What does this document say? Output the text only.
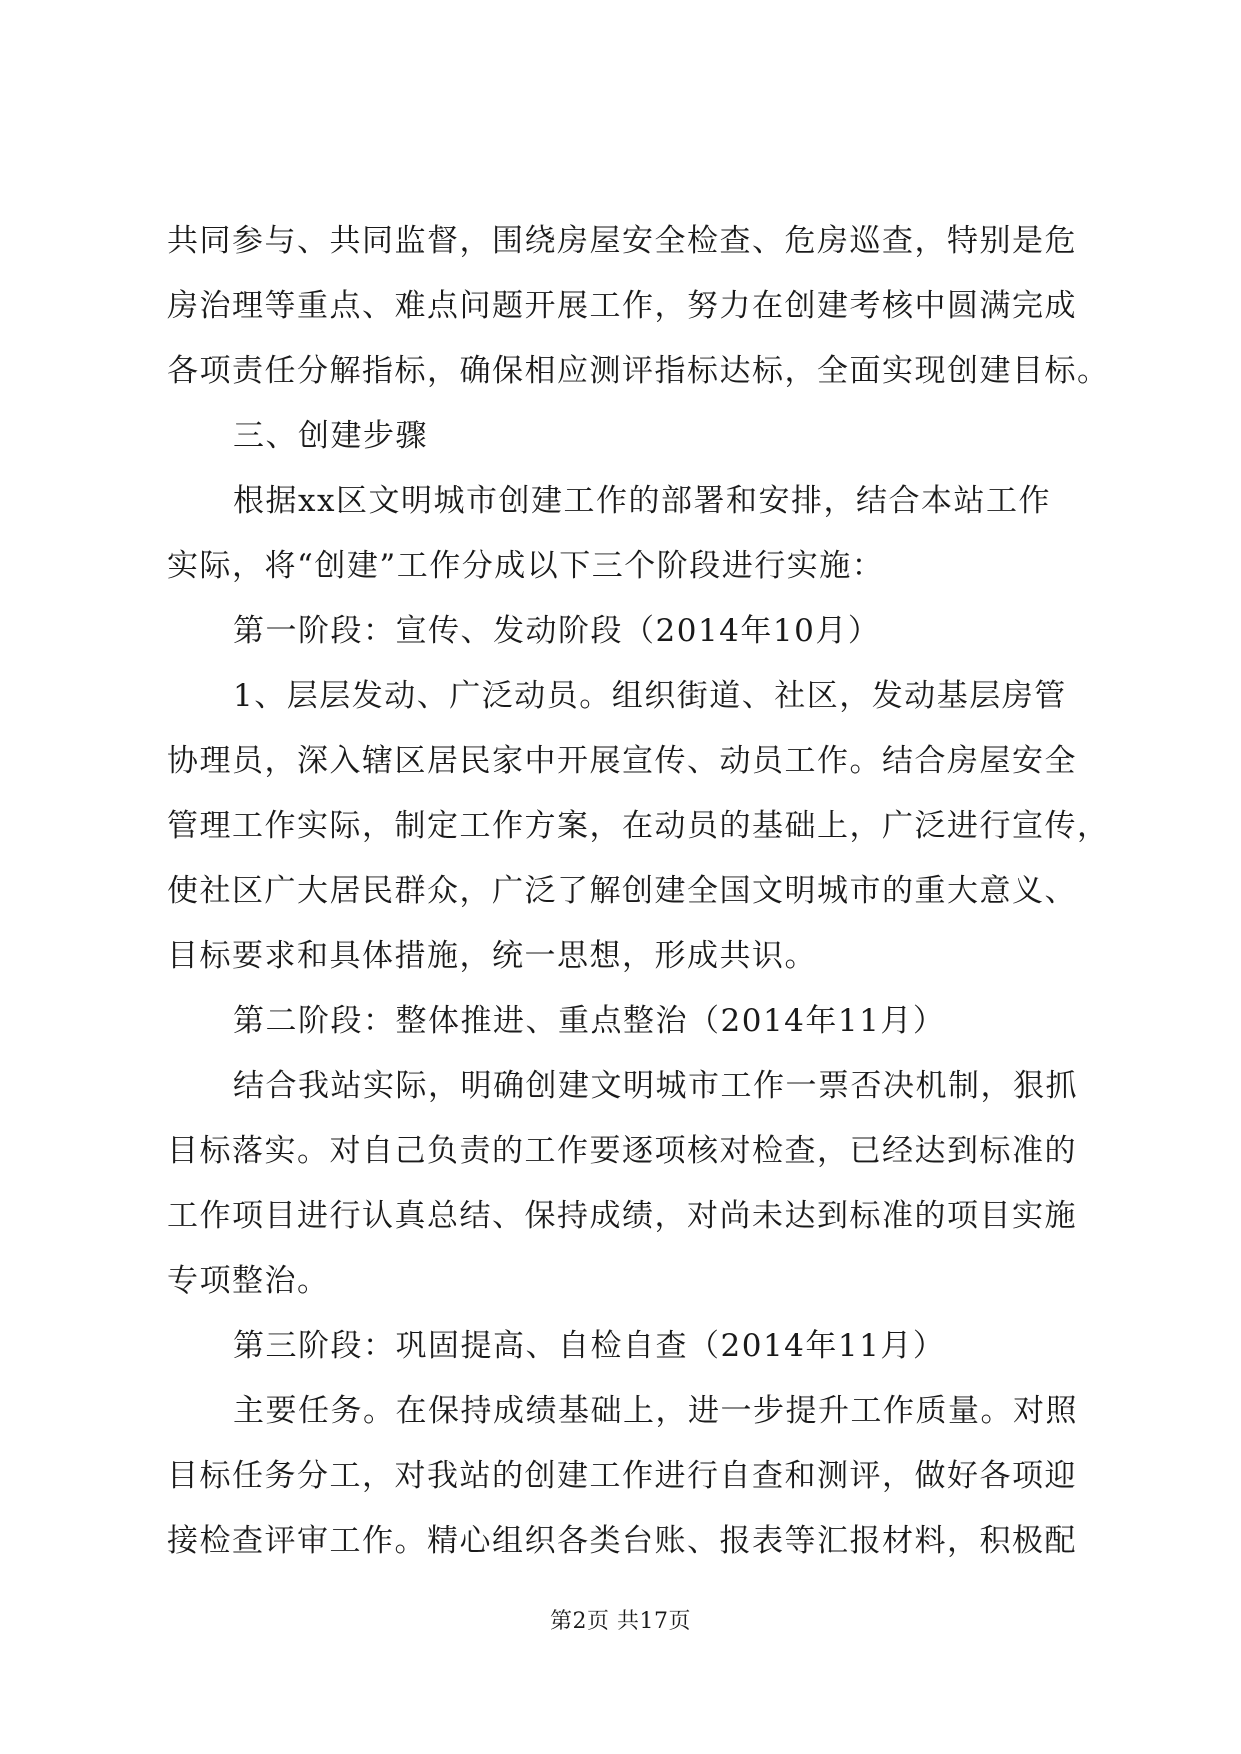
共同参与、共同监督，围绕房屋安全检查、危房巡查，特别是危
房治理等重点、难点问题开展工作，努力在创建考核中圆满完成
各项责任分解指标，确保相应测评指标达标，全面实现创建目标。
三、创建步骤
根据xx区文明城市创建工作的部署和安排，结合本站工作
实际，将“创建”工作分成以下三个阶段进行实施：
第一阶段：宣传、发动阶段（2014年10月）
1、层层发动、广泛动员。组织街道、社区，发动基层房管
协理员，深入辖区居民家中开展宣传、动员工作。结合房屋安全
管理工作实际，制定工作方案，在动员的基础上，广泛进行宣传，
使社区广大居民群众，广泛了解创建全国文明城市的重大意义、
目标要求和具体措施，统一思想，形成共识。
第二阶段：整体推进、重点整治（2014年11月）
结合我站实际，明确创建文明城市工作一票否决机制，狠抓
目标落实。对自己负责的工作要逐项核对检查，已经达到标准的
工作项目进行认真总结、保持成绩，对尚未达到标准的项目实施
专项整治。
第三阶段：巩固提高、自检自查（2014年11月）
主要任务。在保持成绩基础上，进一步提升工作质量。对照
目标任务分工，对我站的创建工作进行自查和测评，做好各项迎
接检查评审工作。精心组织各类台账、报表等汇报材料，积极配
第2页 共17页
